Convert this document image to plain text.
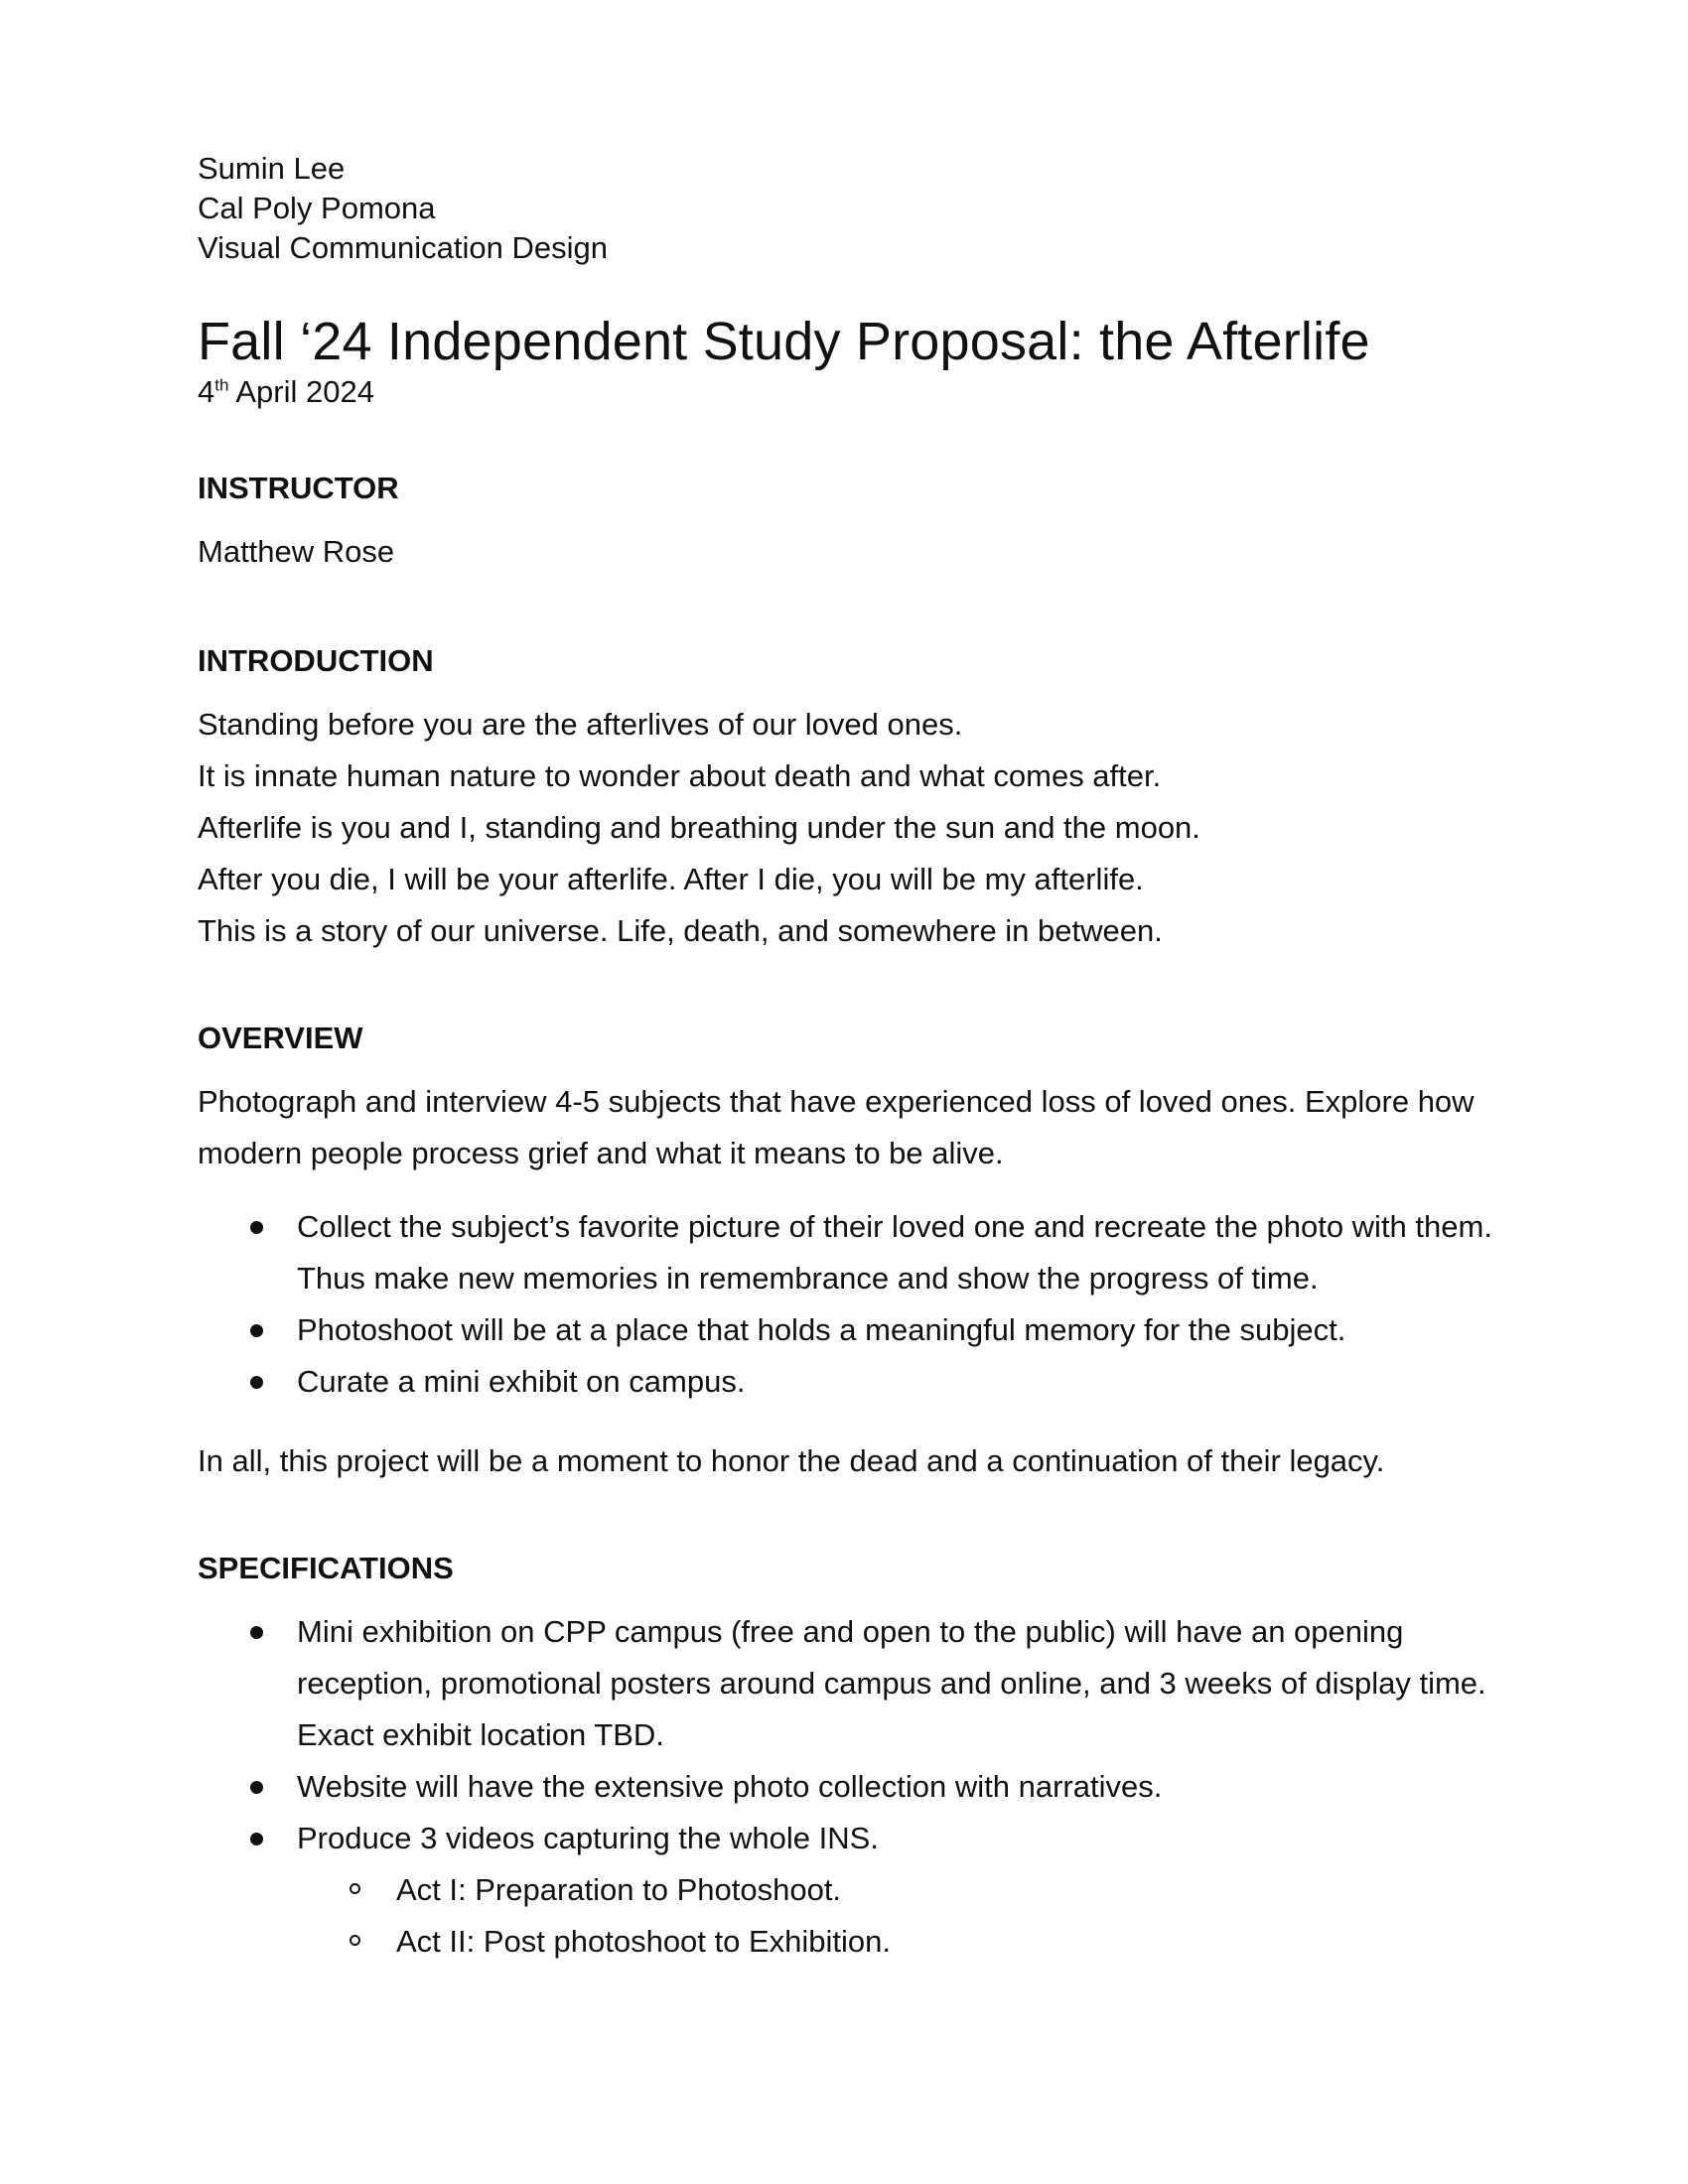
Sumin Lee

Cal Poly Pomona

Visual Communication Design

Fall ‘24 Independent Study Proposal: the Afterlife

4th April 2024

INSTRUCTOR

Matthew Rose

INTRODUCTION

Standing before you are the afterlives of our loved ones.

It is innate human nature to wonder about death and what comes after.

Afterlife is you and I, standing and breathing under the sun and the moon.

After you die, I will be your afterlife. After I die, you will be my afterlife.

This is a story of our universe. Life, death, and somewhere in between.

OVERVIEW

Photograph and interview 4-5 subjects that have experienced loss of loved ones. Explore how modern people process grief and what it means to be alive.

Collect the subject’s favorite picture of their loved one and recreate the photo with them. Thus make new memories in remembrance and show the progress of time.
Photoshoot will be at a place that holds a meaningful memory for the subject.
Curate a mini exhibit on campus.

In all, this project will be a moment to honor the dead and a continuation of their legacy.

SPECIFICATIONS
Mini exhibition on CPP campus (free and open to the public) will have an opening reception, promotional posters around campus and online, and 3 weeks of display time. Exact exhibit location TBD.
Website will have the extensive photo collection with narratives.
Produce 3 videos capturing the whole INS.
Act I: Preparation to Photoshoot.
Act II: Post photoshoot to Exhibition.
